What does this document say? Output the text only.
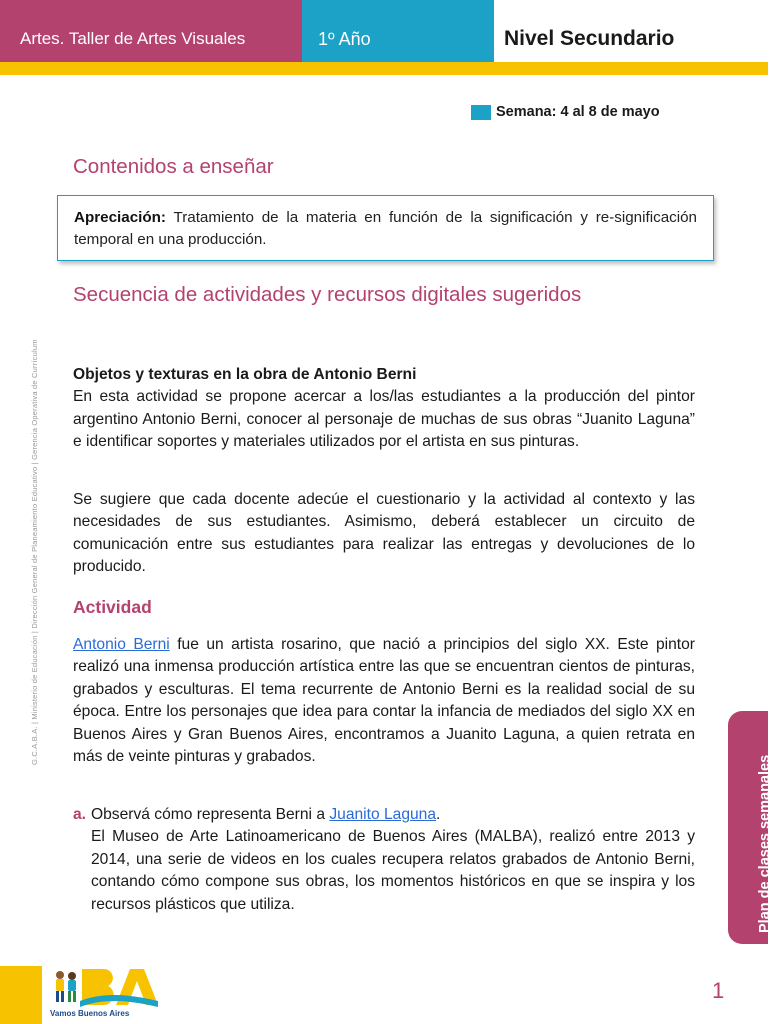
Artes. Taller de Artes Visuales	1º Año	Nivel Secundario
Semana: 4 al 8 de mayo
Contenidos a enseñar
Apreciación: Tratamiento de la materia en función de la significación y re-significación temporal en una producción.
Secuencia de actividades y recursos digitales sugeridos
Objetos y texturas en la obra de Antonio Berni
En esta actividad se propone acercar a los/las estudiantes a la producción del pintor argentino Antonio Berni, conocer al personaje de muchas de sus obras “Juanito Laguna” e identificar soportes y materiales utilizados por el artista en sus pinturas.
Se sugiere que cada docente adecúe el cuestionario y la actividad al contexto y las necesidades de sus estudiantes. Asimismo, deberá establecer un circuito de comunicación entre sus estudiantes para realizar las entregas y devoluciones de lo producido.
Actividad
Antonio Berni fue un artista rosarino, que nació a principios del siglo XX. Este pintor realizó una inmensa producción artística entre las que se encuentran cientos de pinturas, grabados y esculturas. El tema recurrente de Antonio Berni es la realidad social de su época. Entre los personajes que idea para contar la infancia de mediados del siglo XX en Buenos Aires y Gran Buenos Aires, encontramos a Juanito Laguna, a quien retrata en más de veinte pinturas y grabados.
a. Observá cómo representa Berni a Juanito Laguna.
El Museo de Arte Latinoamericano de Buenos Aires (MALBA), realizó entre 2013 y 2014, una serie de videos en los cuales recupera relatos grabados de Antonio Berni, contando cómo compone sus obras, los momentos históricos en que se inspira y los recursos plásticos que utiliza.
G.C.A.B.A. | Ministerio de Educación | Dirección General de Planeamiento Educativo | Gerencia Operativa de Currículum
Plan de clases semanales
Vamos Buenos Aires
1
